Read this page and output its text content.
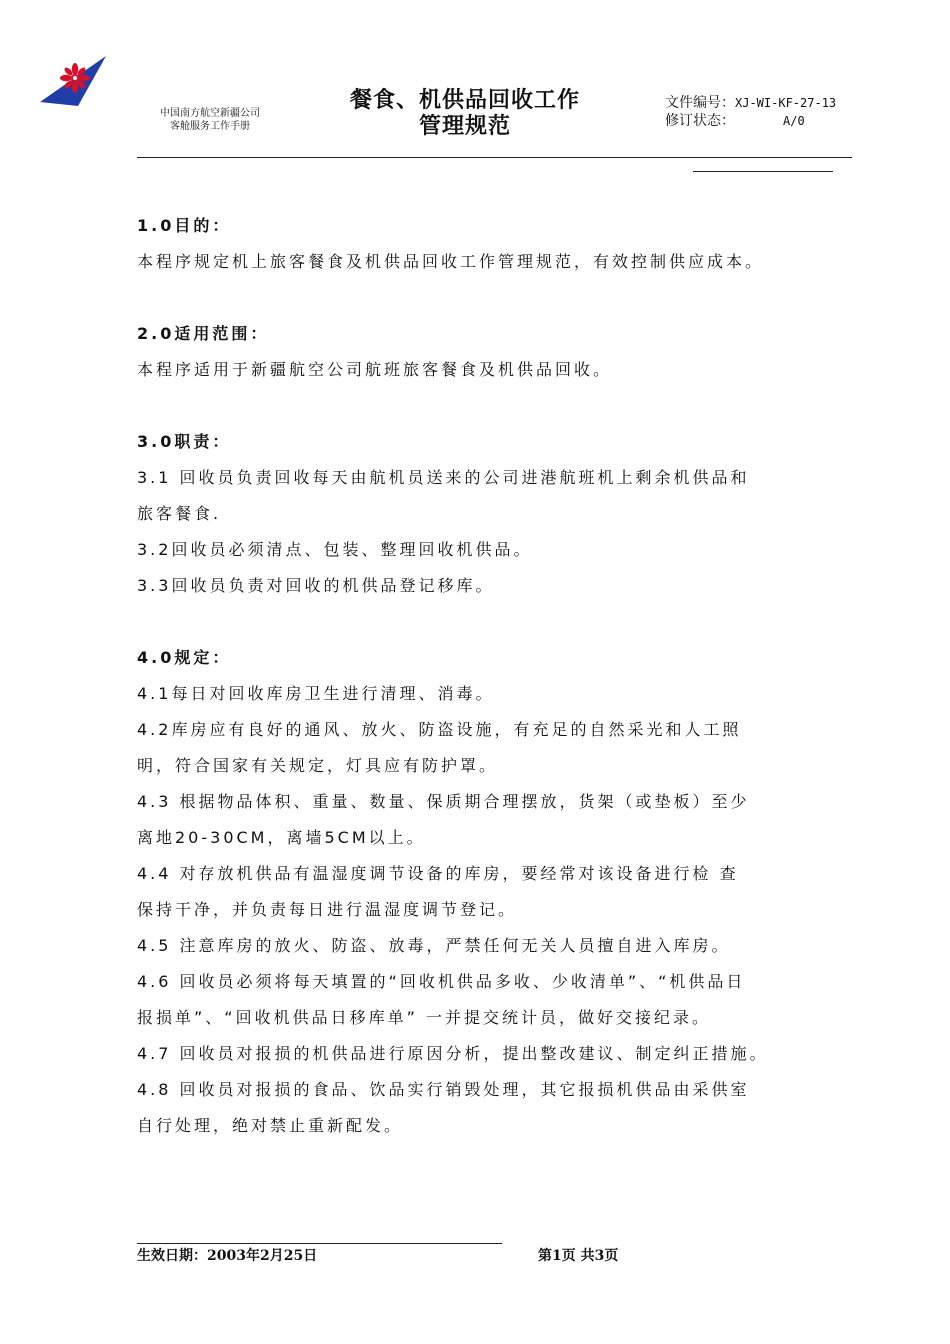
中国南方航空新疆公司
客舱服务工作手册
餐食、机供品回收工作
管理规范
文件编号：XJ-WI-KF-27-13
修订状态：	A/0

1.0目的：

本程序规定机上旅客餐食及机供品回收工作管理规范，有效控制供应成本。

2.0适用范围：

本程序适用于新疆航空公司航班旅客餐食及机供品回收。

3.0职责：

3.1 回收员负责回收每天由航机员送来的公司进港航班机上剩余机供品和

旅客餐食.

3.2回收员必须清点、包装、整理回收机供品。

3.3回收员负责对回收的机供品登记移库。

4.0规定：

4.1每日对回收库房卫生进行清理、消毒。

4.2库房应有良好的通风、放火、防盗设施，有充足的自然采光和人工照

明，符合国家有关规定，灯具应有防护罩。

4.3 根据物品体积、重量、数量、保质期合理摆放，货架（或垫板）至少

离地20-30CM，离墙5CM以上。

4.4 对存放机供品有温湿度调节设备的库房，要经常对该设备进行检 查

保持干净，并负责每日进行温湿度调节登记。

4.5 注意库房的放火、防盗、放毒，严禁任何无关人员擅自进入库房。

4.6 回收员必须将每天填置的“回收机供品多收、少收清单”、“机供品日

报损单”、“回收机供品日移库单” 一并提交统计员，做好交接纪录。

4.7 回收员对报损的机供品进行原因分析，提出整改建议、制定纠正措施。

4.8 回收员对报损的食品、饮品实行销毁处理，其它报损机供品由采供室

自行处理，绝对禁止重新配发。

生效日期：2003年2月25日	第1页 共3页
